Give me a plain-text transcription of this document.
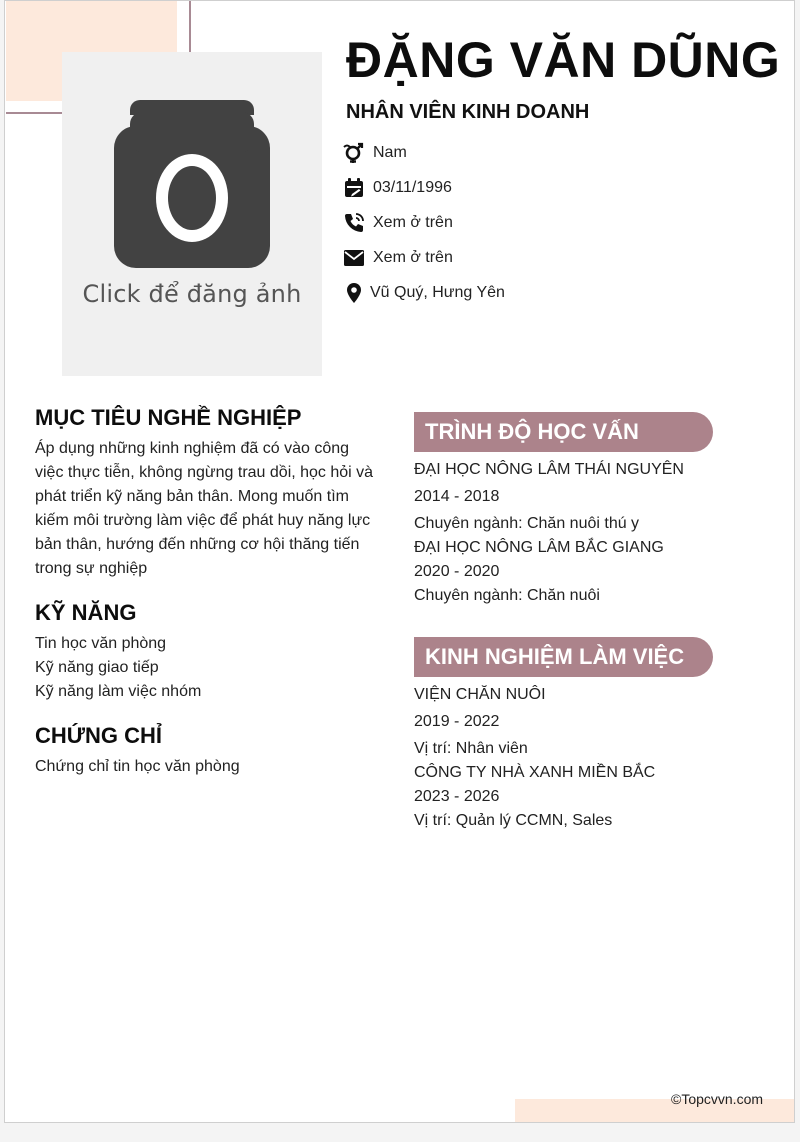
Click để đăng ảnh
ĐẶNG VĂN DŨNG
NHÂN VIÊN KINH DOANH
Nam
03/11/1996
Xem ở trên
Xem ở trên
Vũ Quý, Hưng Yên
MỤC TIÊU NGHỀ NGHIỆP
Áp dụng những kinh nghiệm đã có vào công việc thực tiễn, không ngừng trau dồi, học hỏi và phát triển kỹ năng bản thân. Mong muốn tìm kiếm môi trường làm việc để phát huy năng lực bản thân, hướng đến những cơ hội thăng tiến trong sự nghiệp
KỸ NĂNG
Tin học văn phòng
Kỹ năng giao tiếp
Kỹ năng làm việc nhóm
CHỨNG CHỈ
Chứng chỉ tin học văn phòng
TRÌNH ĐỘ HỌC VẤN
ĐẠI HỌC NÔNG LÂM THÁI NGUYÊN
2014 - 2018
Chuyên ngành: Chăn nuôi thú y
ĐẠI HỌC NÔNG LÂM BẮC GIANG
2020 - 2020
Chuyên ngành: Chăn nuôi
KINH NGHIỆM LÀM VIỆC
VIỆN CHĂN NUÔI
2019 - 2022
Vị trí: Nhân viên
CÔNG TY NHÀ XANH MIỀN BẮC
2023 - 2026
Vị trí: Quản lý CCMN, Sales
©Topcvvn.com
